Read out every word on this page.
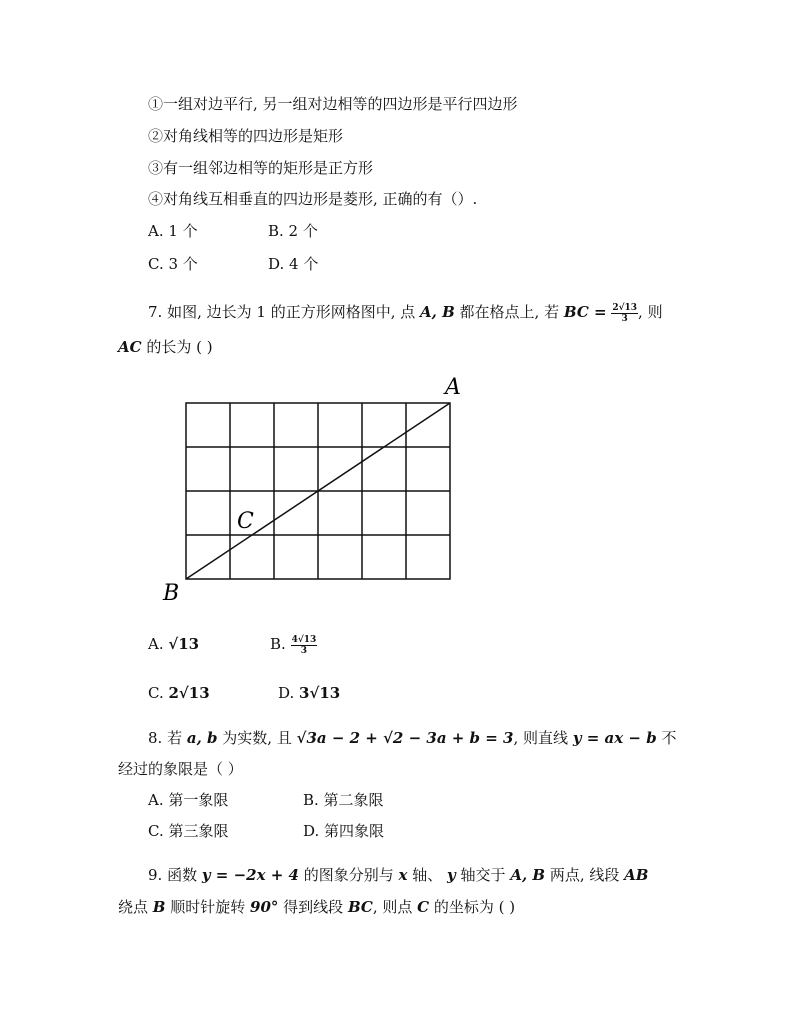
①一组对边平行, 另一组对边相等的四边形是平行四边形
②对角线相等的四边形是矩形
③有一组邻边相等的矩形是正方形
④对角线互相垂直的四边形是菱形, 正确的有（）.
A. 1 个	B. 2 个
C. 3 个	D. 4 个
7. 如图, 边长为 1 的正方形网格图中, 点 A, B 都在格点上, 若 BC = $\frac{2√13}{3}$ , 则
AC 的长为 ( )
A
B
C
A. √13	B. $\frac{4√13}{3}$
C. 2√13	D. 3√13
8. 若 a, b 为实数, 且 √3a − 2 + √2 − 3a + b = 3, 则直线 y = ax − b 不
经过的象限是（ ）
A. 第一象限	B. 第二象限
C. 第三象限	D. 第四象限
9. 函数 y = −2x + 4 的图象分别与 x 轴、 y 轴交于 A, B 两点, 线段 AB
绕点 B 顺时针旋转 90° 得到线段 BC, 则点 C 的坐标为 ( )
